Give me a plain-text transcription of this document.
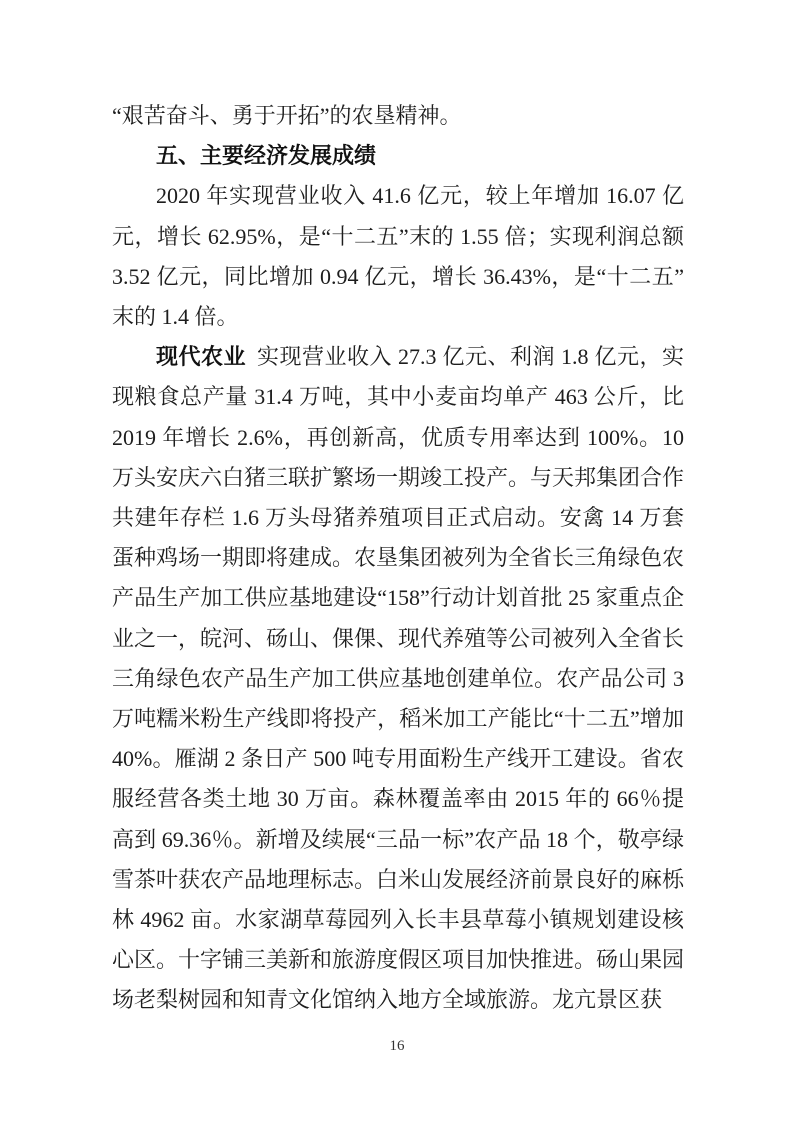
“艰苦奋斗、勇于开拓”的农垦精神。

五、主要经济发展成绩

2020 年实现营业收入 41.6 亿元，较上年增加 16.07 亿元，增长 62.95%，是“十二五”末的 1.55 倍；实现利润总额 3.52 亿元，同比增加 0.94 亿元，增长 36.43%，是“十二五”末的 1.4 倍。

现代农业 实现营业收入 27.3 亿元、利润 1.8 亿元，实现粮食总产量 31.4 万吨，其中小麦亩均单产 463 公斤，比 2019 年增长 2.6%，再创新高，优质专用率达到 100%。10 万头安庆六白猪三联扩繁场一期竣工投产。与天邦集团合作共建年存栏 1.6 万头母猪养殖项目正式启动。安禽 14 万套蛋种鸡场一期即将建成。农垦集团被列为全省长三角绿色农产品生产加工供应基地建设“158”行动计划首批 25 家重点企业之一，皖河、砀山、倮倮、现代养殖等公司被列入全省长三角绿色农产品生产加工供应基地创建单位。农产品公司 3 万吨糯米粉生产线即将投产，稻米加工产能比“十二五”增加 40%。雁湖 2 条日产 500 吨专用面粉生产线开工建设。省农服经营各类土地 30 万亩。森林覆盖率由 2015 年的 66％提高到 69.36％。新增及续展“三品一标”农产品 18 个，敬亭绿雪茶叶获农产品地理标志。白米山发展经济前景良好的麻栎林 4962 亩。水家湖草莓园列入长丰县草莓小镇规划建设核心区。十字铺三美新和旅游度假区项目加快推进。砀山果园场老梨树园和知青文化馆纳入地方全域旅游。龙亢景区获

16
